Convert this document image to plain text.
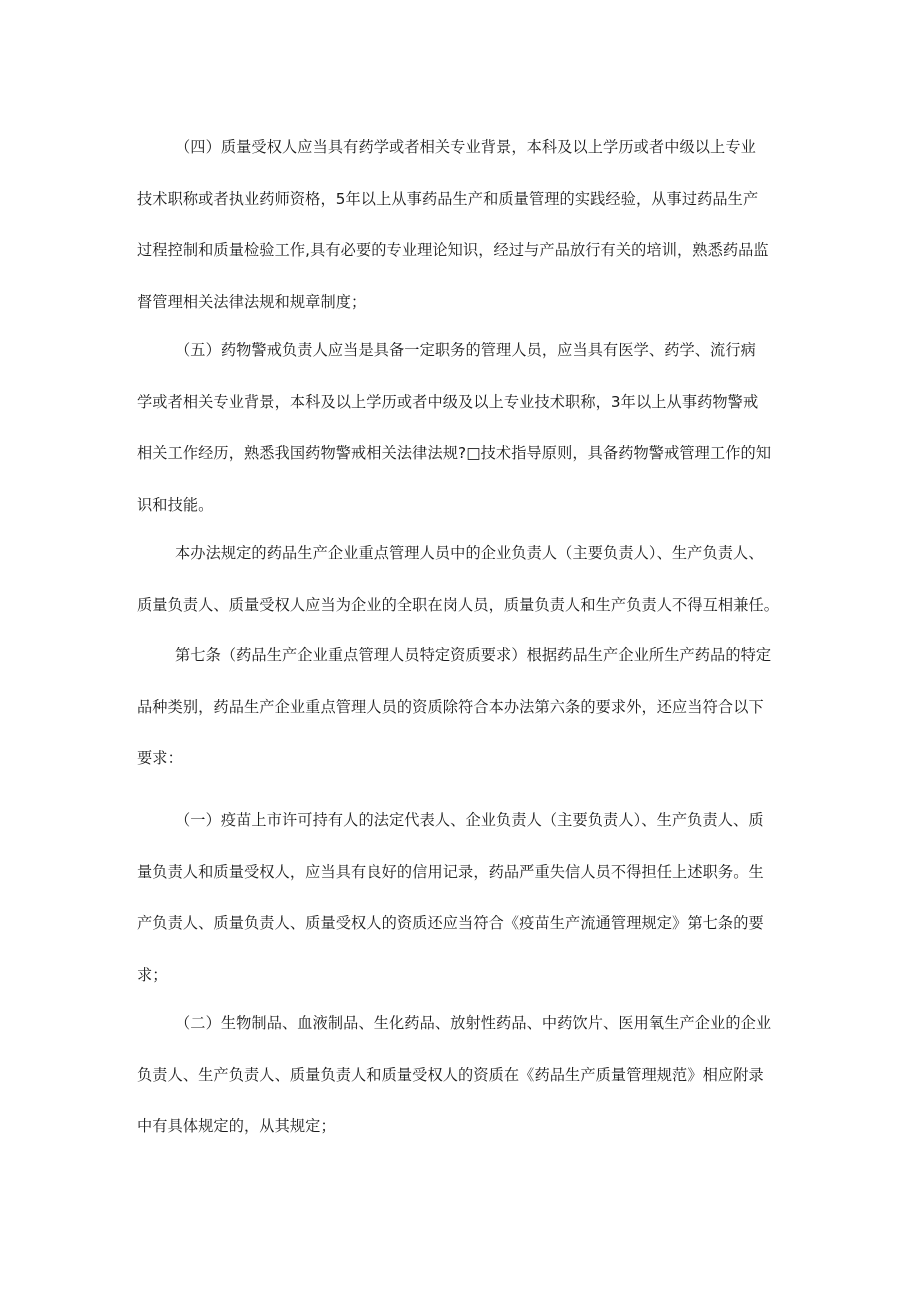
（四）质量受权人应当具有药学或者相关专业背景，本科及以上学历或者中级以上专业
技术职称或者执业药师资格，5年以上从事药品生产和质量管理的实践经验，从事过药品生产
过程控制和质量检验工作,具有必要的专业理论知识，经过与产品放行有关的培训，熟悉药品监
督管理相关法律法规和规章制度；
（五）药物警戒负责人应当是具备一定职务的管理人员，应当具有医学、药学、流行病
学或者相关专业背景，本科及以上学历或者中级及以上专业技术职称，3年以上从事药物警戒
相关工作经历，熟悉我国药物警戒相关法律法规?□技术指导原则，具备药物警戒管理工作的知
识和技能。
本办法规定的药品生产企业重点管理人员中的企业负责人（主要负责人）、生产负责人、
质量负责人、质量受权人应当为企业的全职在岗人员，质量负责人和生产负责人不得互相兼任。
第七条（药品生产企业重点管理人员特定资质要求）根据药品生产企业所生产药品的特定
品种类别，药品生产企业重点管理人员的资质除符合本办法第六条的要求外，还应当符合以下
要求：
（一）疫苗上市许可持有人的法定代表人、企业负责人（主要负责人）、生产负责人、质
量负责人和质量受权人，应当具有良好的信用记录，药品严重失信人员不得担任上述职务。生
产负责人、质量负责人、质量受权人的资质还应当符合《疫苗生产流通管理规定》第七条的要
求；
（二）生物制品、血液制品、生化药品、放射性药品、中药饮片、医用氧生产企业的企业
负责人、生产负责人、质量负责人和质量受权人的资质在《药品生产质量管理规范》相应附录
中有具体规定的，从其规定；
